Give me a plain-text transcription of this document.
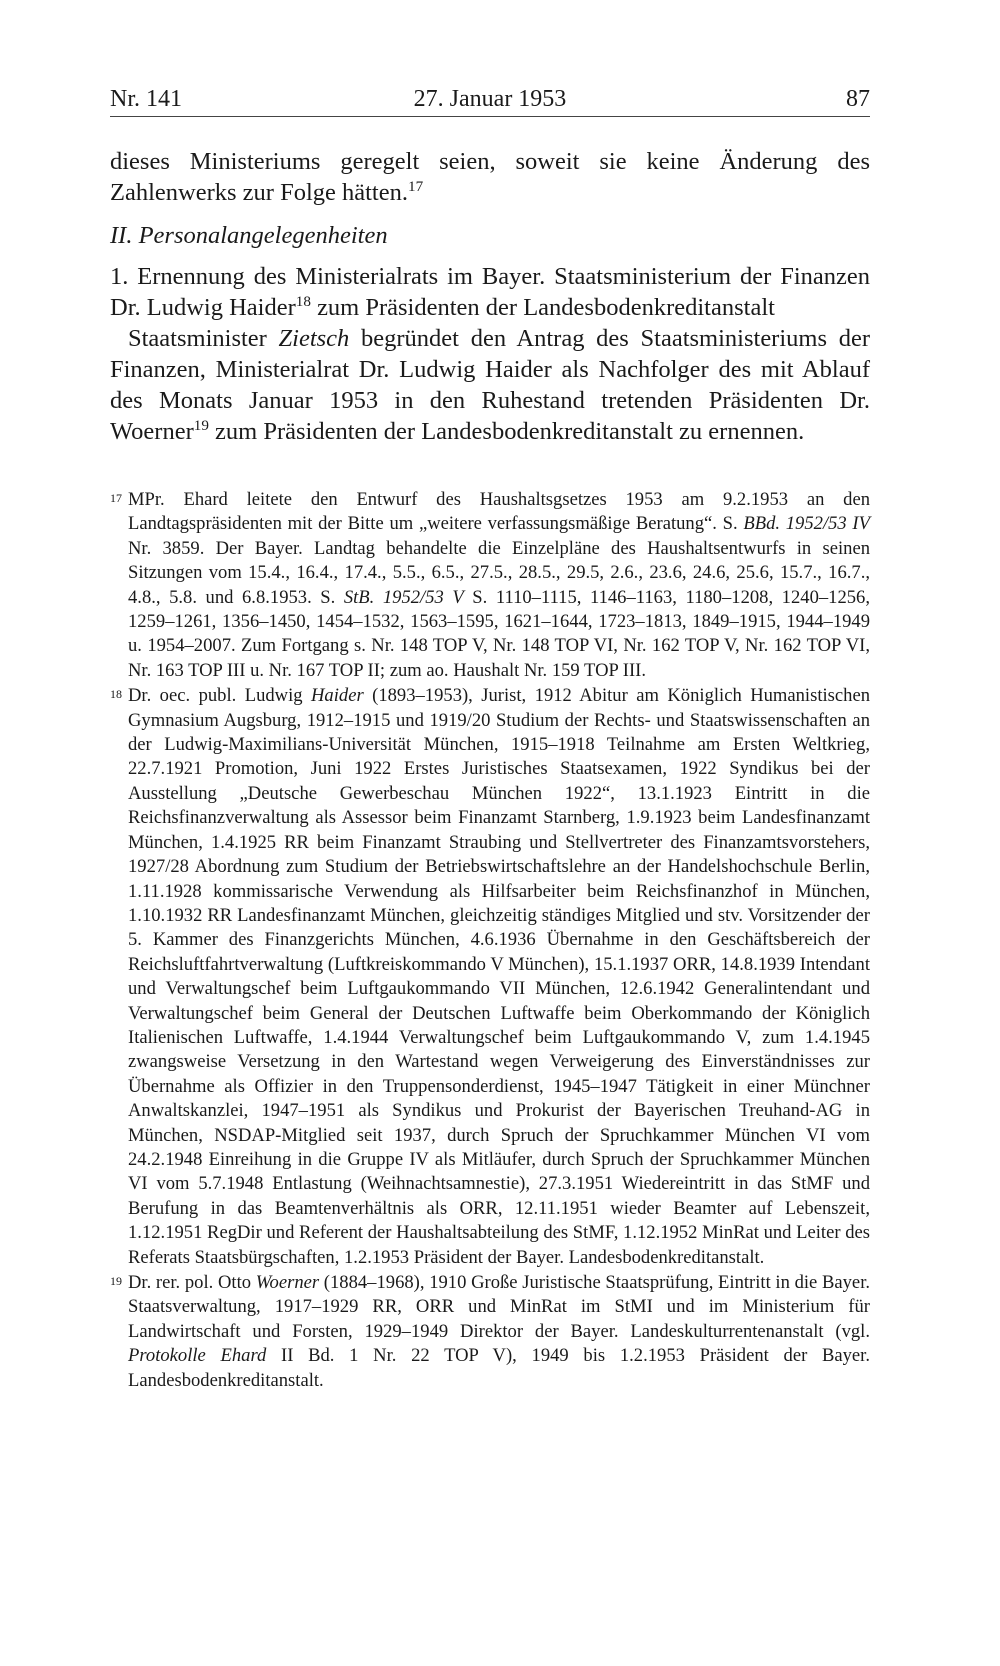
Nr. 141	27. Januar 1953	87

dieses Ministeriums geregelt seien, soweit sie keine Änderung des Zahlenwerks zur Folge hätten.$^{17}$

II. Personalangelegenheiten

1. Ernennung des Ministerialrats im Bayer. Staatsministerium der Finanzen Dr. Ludwig Haider$^{18}$ zum Präsidenten der Landesbodenkreditanstalt

Staatsminister Zietsch begründet den Antrag des Staatsministeriums der Finanzen, Ministerialrat Dr. Ludwig Haider als Nachfolger des mit Ablauf des Monats Januar 1953 in den Ruhestand tretenden Präsidenten Dr. Woerner$^{19}$ zum Präsidenten der Landesbodenkreditanstalt zu ernennen.

17 MPr. Ehard leitete den Entwurf des Haushaltsgsetzes 1953 am 9.2.1953 an den Landtagspräsidenten mit der Bitte um „weitere verfassungsmäßige Beratung“. S. BBd. 1952/53 IV Nr. 3859. Der Bayer. Landtag behandelte die Einzelpläne des Haushaltsentwurfs in seinen Sitzungen vom 15.4., 16.4., 17.4., 5.5., 6.5., 27.5., 28.5., 29.5, 2.6., 23.6, 24.6, 25.6, 15.7., 16.7., 4.8., 5.8. und 6.8.1953. S. StB. 1952/53 V S. 1110–1115, 1146–1163, 1180–1208, 1240–1256, 1259–1261, 1356–1450, 1454–1532, 1563–1595, 1621–1644, 1723–1813, 1849–1915, 1944–1949 u. 1954–2007. Zum Fortgang s. Nr. 148 TOP V, Nr. 148 TOP VI, Nr. 162 TOP V, Nr. 162 TOP VI, Nr. 163 TOP III u. Nr. 167 TOP II; zum ao. Haushalt Nr. 159 TOP III.
18 Dr. oec. publ. Ludwig Haider (1893–1953), Jurist, 1912 Abitur am Königlich Humanistischen Gymnasium Augsburg, 1912–1915 und 1919/20 Studium der Rechts- und Staatswissenschaften an der Ludwig-Maximilians-Universität München, 1915–1918 Teilnahme am Ersten Weltkrieg, 22.7.1921 Promotion, Juni 1922 Erstes Juristisches Staatsexamen, 1922 Syndikus bei der Ausstellung „Deutsche Gewerbeschau München 1922“, 13.1.1923 Eintritt in die Reichsfinanzverwaltung als Assessor beim Finanzamt Starnberg, 1.9.1923 beim Landesfinanzamt München, 1.4.1925 RR beim Finanzamt Straubing und Stellvertreter des Finanzamtsvorstehers, 1927/28 Abordnung zum Studium der Betriebswirtschaftslehre an der Handelshochschule Berlin, 1.11.1928 kommissarische Verwendung als Hilfsarbeiter beim Reichsfinanzhof in München, 1.10.1932 RR Landesfinanzamt München, gleichzeitig ständiges Mitglied und stv. Vorsitzender der 5. Kammer des Finanzgerichts München, 4.6.1936 Übernahme in den Geschäftsbereich der Reichsluftfahrtverwaltung (Luftkreiskommando V München), 15.1.1937 ORR, 14.8.1939 Intendant und Verwaltungschef beim Luftgaukommando VII München, 12.6.1942 Generalintendant und Verwaltungschef beim General der Deutschen Luftwaffe beim Oberkommando der Königlich Italienischen Luftwaffe, 1.4.1944 Verwaltungschef beim Luftgaukommando V, zum 1.4.1945 zwangsweise Versetzung in den Wartestand wegen Verweigerung des Einverständnisses zur Übernahme als Offizier in den Truppensonderdienst, 1945–1947 Tätigkeit in einer Münchner Anwaltskanzlei, 1947–1951 als Syndikus und Prokurist der Bayerischen Treuhand-AG in München, NSDAP-Mitglied seit 1937, durch Spruch der Spruchkammer München VI vom 24.2.1948 Einreihung in die Gruppe IV als Mitläufer, durch Spruch der Spruchkammer München VI vom 5.7.1948 Entlastung (Weihnachtsamnestie), 27.3.1951 Wiedereintritt in das StMF und Berufung in das Beamtenverhältnis als ORR, 12.11.1951 wieder Beamter auf Lebenszeit, 1.12.1951 RegDir und Referent der Haushaltsabteilung des StMF, 1.12.1952 MinRat und Leiter des Referats Staatsbürgschaften, 1.2.1953 Präsident der Bayer. Landesbodenkreditanstalt.
19 Dr. rer. pol. Otto Woerner (1884–1968), 1910 Große Juristische Staatsprüfung, Eintritt in die Bayer. Staatsverwaltung, 1917–1929 RR, ORR und MinRat im StMI und im Ministerium für Landwirtschaft und Forsten, 1929–1949 Direktor der Bayer. Landeskulturrentenanstalt (vgl. Protokolle Ehard II Bd. 1 Nr. 22 TOP V), 1949 bis 1.2.1953 Präsident der Bayer. Landesbodenkreditanstalt.
